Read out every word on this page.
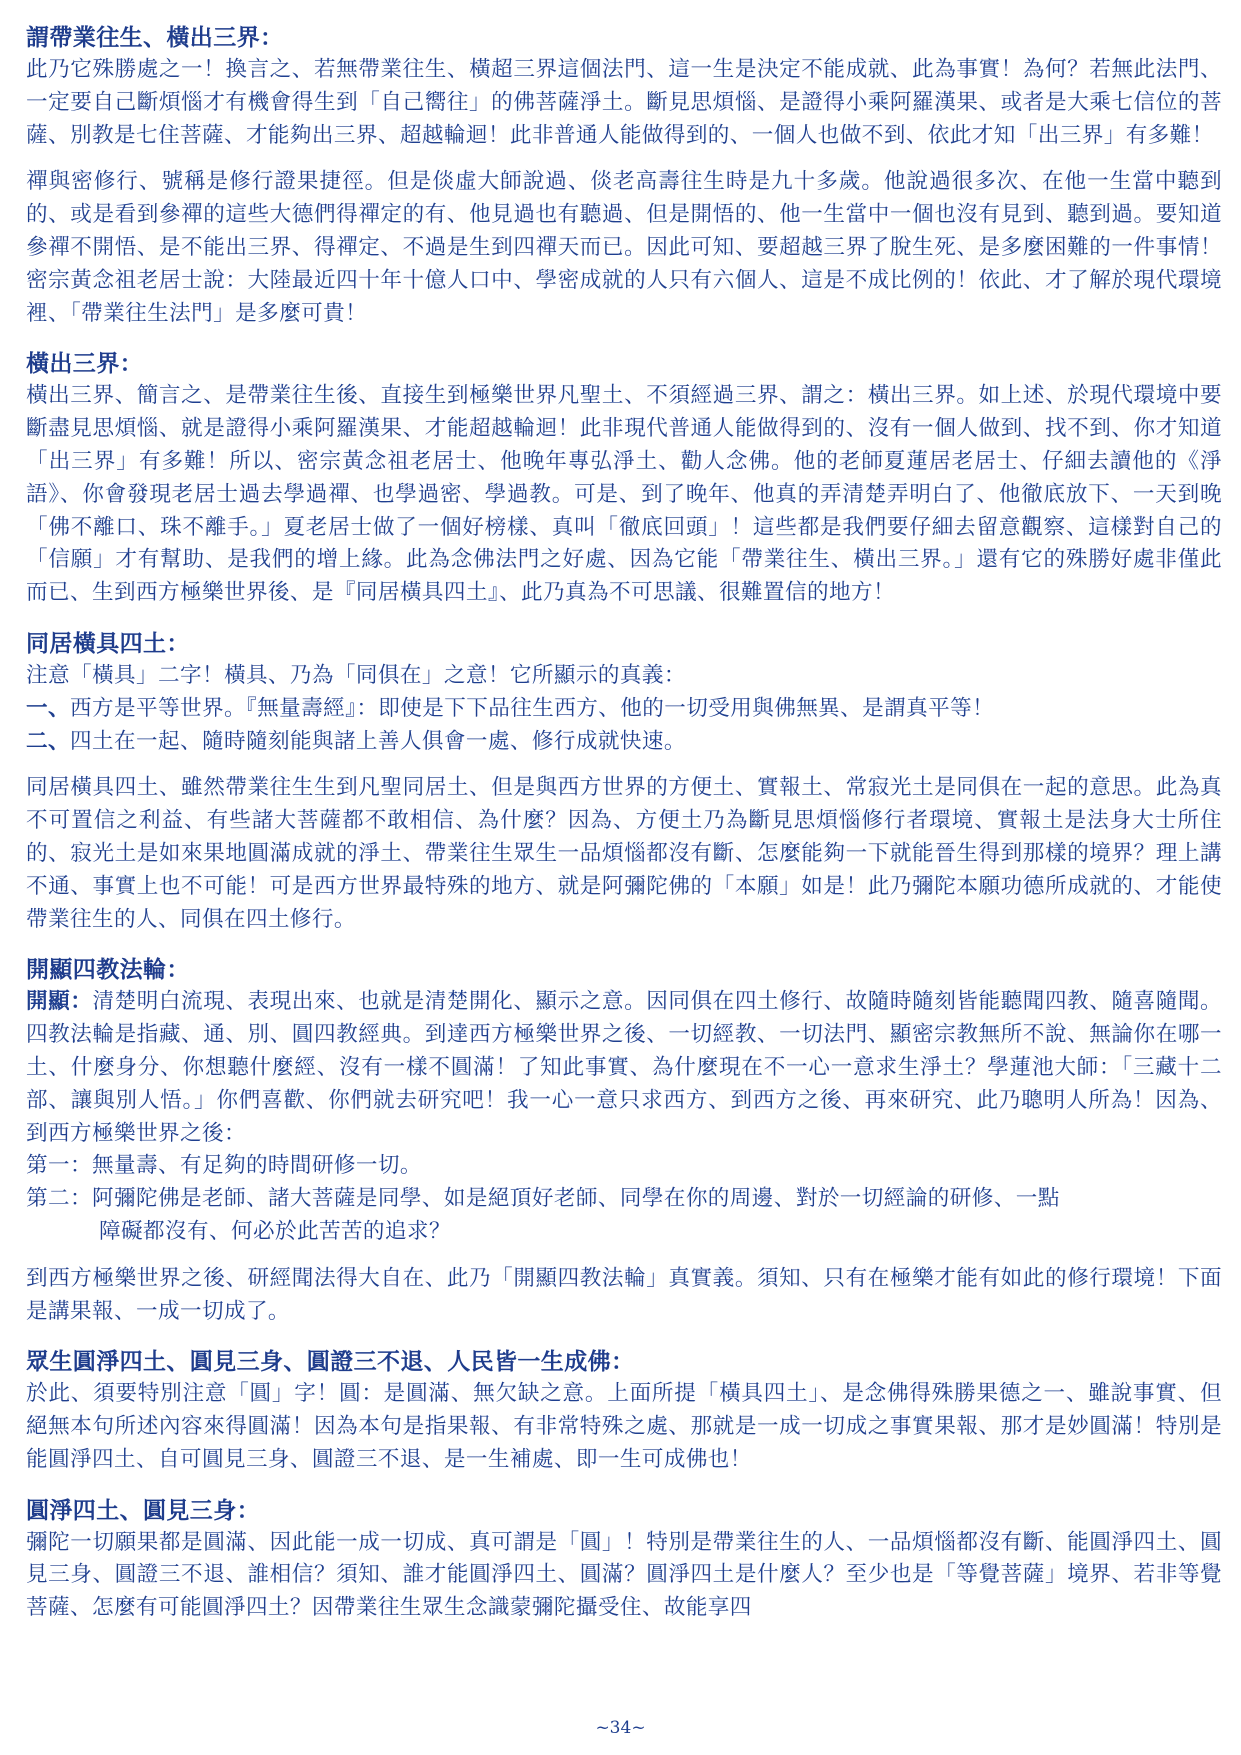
謂帶業往生、橫出三界：

此乃它殊勝處之一！換言之、若無帶業往生、橫超三界這個法門、這一生是決定不能成就、此為事實！為何？若無此法門、一定要自己斷煩惱才有機會得生到「自己嚮往」的佛菩薩淨土。斷見思煩惱、是證得小乘阿羅漢果、或者是大乘七信位的菩薩、別教是七住菩薩、才能夠出三界、超越輪迴！此非普通人能做得到的、一個人也做不到、依此才知「出三界」有多難！

禪與密修行、號稱是修行證果捷徑。但是倓虛大師說過、倓老高壽往生時是九十多歲。他說過很多次、在他一生當中聽到的、或是看到參禪的這些大德們得禪定的有、他見過也有聽過、但是開悟的、他一生當中一個也沒有見到、聽到過。要知道參禪不開悟、是不能出三界、得禪定、不過是生到四禪天而已。因此可知、要超越三界了脫生死、是多麼困難的一件事情！密宗黃念祖老居士說：大陸最近四十年十億人口中、學密成就的人只有六個人、這是不成比例的！依此、才了解於現代環境裡、「帶業往生法門」是多麼可貴！

橫出三界：

橫出三界、簡言之、是帶業往生後、直接生到極樂世界凡聖土、不須經過三界、謂之：橫出三界。如上述、於現代環境中要斷盡見思煩惱、就是證得小乘阿羅漢果、才能超越輪迴！此非現代普通人能做得到的、沒有一個人做到、找不到、你才知道「出三界」有多難！所以、密宗黃念祖老居士、他晚年專弘淨土、勸人念佛。他的老師夏蓮居老居士、仔細去讀他的《淨語》、你會發現老居士過去學過禪、也學過密、學過教。可是、到了晚年、他真的弄清楚弄明白了、他徹底放下、一天到晚「佛不離口、珠不離手。」夏老居士做了一個好榜樣、真叫「徹底回頭」！這些都是我們要仔細去留意觀察、這樣對自己的「信願」才有幫助、是我們的增上緣。此為念佛法門之好處、因為它能「帶業往生、橫出三界。」還有它的殊勝好處非僅此而已、生到西方極樂世界後、是『同居橫具四土』、此乃真為不可思議、很難置信的地方！

同居橫具四土：

注意「橫具」二字！橫具、乃為「同俱在」之意！它所顯示的真義：

一、西方是平等世界。『無量壽經』：即使是下下品往生西方、他的一切受用與佛無異、是謂真平等！
二、四土在一起、隨時隨刻能與諸上善人俱會一處、修行成就快速。

同居橫具四土、雖然帶業往生生到凡聖同居土、但是與西方世界的方便土、實報土、常寂光土是同俱在一起的意思。此為真不可置信之利益、有些諸大菩薩都不敢相信、為什麼？因為、方便土乃為斷見思煩惱修行者環境、實報土是法身大士所住的、寂光土是如來果地圓滿成就的淨土、帶業往生眾生一品煩惱都沒有斷、怎麼能夠一下就能晉生得到那樣的境界？理上講不通、事實上也不可能！可是西方世界最特殊的地方、就是阿彌陀佛的「本願」如是！此乃彌陀本願功德所成就的、才能使帶業往生的人、同俱在四土修行。

開顯四教法輪：

開顯：清楚明白流現、表現出來、也就是清楚開化、顯示之意。因同俱在四土修行、故隨時隨刻皆能聽聞四教、隨喜隨聞。四教法輪是指藏、通、別、圓四教經典。到達西方極樂世界之後、一切經教、一切法門、顯密宗教無所不說、無論你在哪一土、什麼身分、你想聽什麼經、沒有一樣不圓滿！了知此事實、為什麼現在不一心一意求生淨土？學蓮池大師：「三藏十二部、讓與別人悟。」你們喜歡、你們就去研究吧！我一心一意只求西方、到西方之後、再來研究、此乃聰明人所為！因為、到西方極樂世界之後：

第一：無量壽、有足夠的時間研修一切。
第二：阿彌陀佛是老師、諸大菩薩是同學、如是絕頂好老師、同學在你的周邊、對於一切經論的研修、一點
障礙都沒有、何必於此苦苦的追求？

到西方極樂世界之後、研經聞法得大自在、此乃「開顯四教法輪」真實義。須知、只有在極樂才能有如此的修行環境！下面是講果報、一成一切成了。

眾生圓淨四土、圓見三身、圓證三不退、人民皆一生成佛：

於此、須要特別注意「圓」字！圓：是圓滿、無欠缺之意。上面所提「橫具四土」、是念佛得殊勝果德之一、雖說事實、但絕無本句所述內容來得圓滿！因為本句是指果報、有非常特殊之處、那就是一成一切成之事實果報、那才是妙圓滿！特別是能圓淨四土、自可圓見三身、圓證三不退、是一生補處、即一生可成佛也！

圓淨四土、圓見三身：

彌陀一切願果都是圓滿、因此能一成一切成、真可謂是「圓」！特別是帶業往生的人、一品煩惱都沒有斷、能圓淨四土、圓見三身、圓證三不退、誰相信？須知、誰才能圓淨四土、圓滿？圓淨四土是什麼人？至少也是「等覺菩薩」境界、若非等覺菩薩、怎麼有可能圓淨四土？因帶業往生眾生念識蒙彌陀攝受住、故能享四

~34~
